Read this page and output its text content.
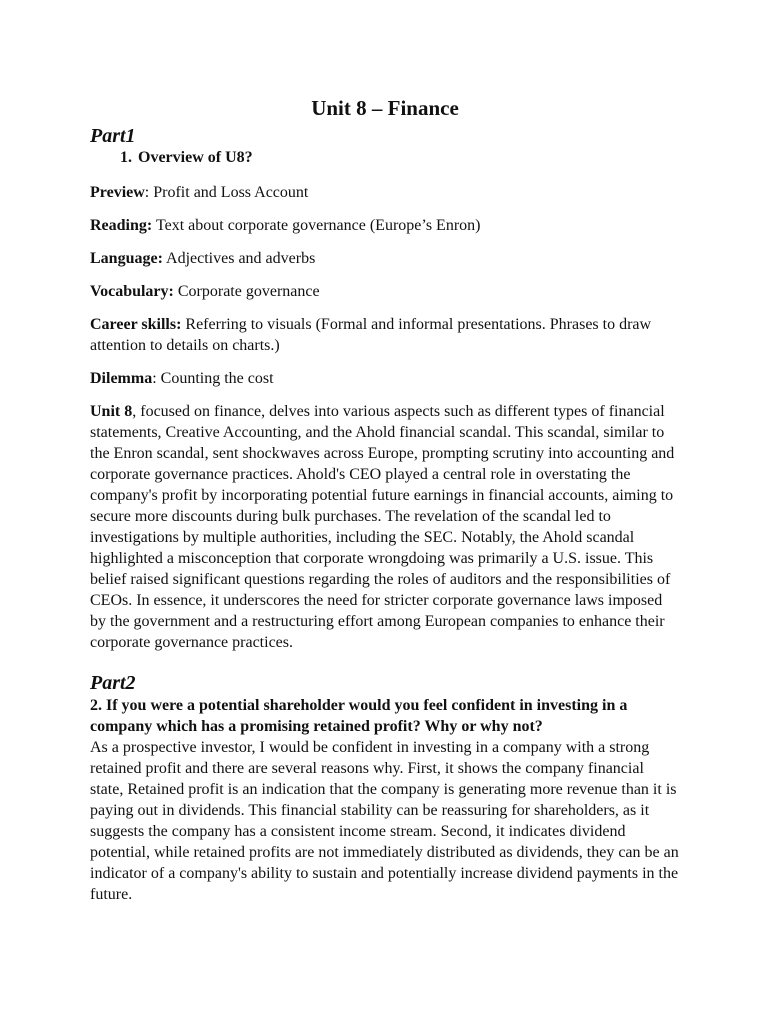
Unit 8 – Finance
Part1
1. Overview of U8?
Preview: Profit and Loss Account
Reading: Text about corporate governance (Europe’s Enron)
Language: Adjectives and adverbs
Vocabulary: Corporate governance
Career skills: Referring to visuals (Formal and informal presentations. Phrases to draw attention to details on charts.)
Dilemma: Counting the cost

Unit 8, focused on finance, delves into various aspects such as different types of financial statements, Creative Accounting, and the Ahold financial scandal. This scandal, similar to the Enron scandal, sent shockwaves across Europe, prompting scrutiny into accounting and corporate governance practices. Ahold's CEO played a central role in overstating the company's profit by incorporating potential future earnings in financial accounts, aiming to secure more discounts during bulk purchases. The revelation of the scandal led to investigations by multiple authorities, including the SEC. Notably, the Ahold scandal highlighted a misconception that corporate wrongdoing was primarily a U.S. issue. This belief raised significant questions regarding the roles of auditors and the responsibilities of CEOs. In essence, it underscores the need for stricter corporate governance laws imposed by the government and a restructuring effort among European companies to enhance their corporate governance practices.

Part2

2. If you were a potential shareholder would you feel confident in investing in a company which has a promising retained profit? Why or why not?

As a prospective investor, I would be confident in investing in a company with a strong retained profit and there are several reasons why. First, it shows the company financial state, Retained profit is an indication that the company is generating more revenue than it is paying out in dividends. This financial stability can be reassuring for shareholders, as it suggests the company has a consistent income stream. Second, it indicates dividend potential, while retained profits are not immediately distributed as dividends, they can be an indicator of a company's ability to sustain and potentially increase dividend payments in the future.
